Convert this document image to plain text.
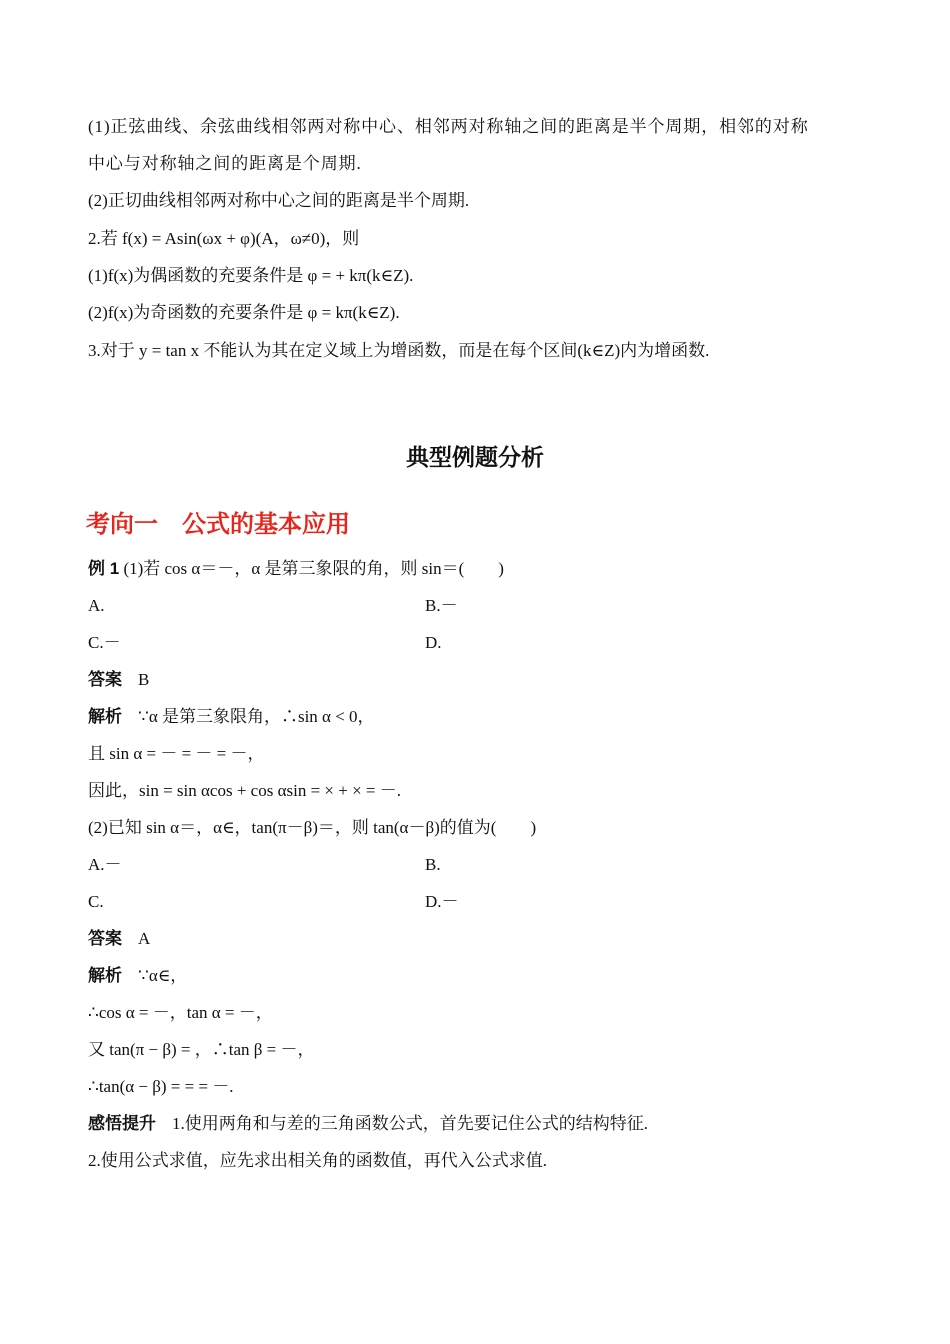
(1)正弦曲线、余弦曲线相邻两对称中心、相邻两对称轴之间的距离是半个周期，相邻的对称
中心与对称轴之间的距离是个周期.
(2)正切曲线相邻两对称中心之间的距离是半个周期.
2.若 f(x) = Asin(ωx + φ)(A，ω≠0)，则
(1)f(x)为偶函数的充要条件是 φ = + kπ(k∈Z).
(2)f(x)为奇函数的充要条件是 φ = kπ(k∈Z).
3.对于 y = tan x 不能认为其在定义域上为增函数，而是在每个区间(k∈Z)内为增函数.
典型例题分析
考向一　公式的基本应用
例 1 (1)若 cos α＝－，α 是第三象限的角，则 sin＝(　　)
A.	B.－
C.－	D.
答案 B
解析 ∵α 是第三象限角，∴sin α < 0，
且 sin α = － = － = －，
因此，sin = sin αcos + cos αsin = × + × = －.
(2)已知 sin α＝，α∈，tan(π－β)＝，则 tan(α－β)的值为(　　)
A.－	B.
C.	D.－
答案 A
解析 ∵α∈，
∴cos α = －，tan α = －，
又 tan(π − β) = ，∴tan β = －，
∴tan(α − β) = = = －.
感悟提升 1.使用两角和与差的三角函数公式，首先要记住公式的结构特征.
2.使用公式求值，应先求出相关角的函数值，再代入公式求值.
